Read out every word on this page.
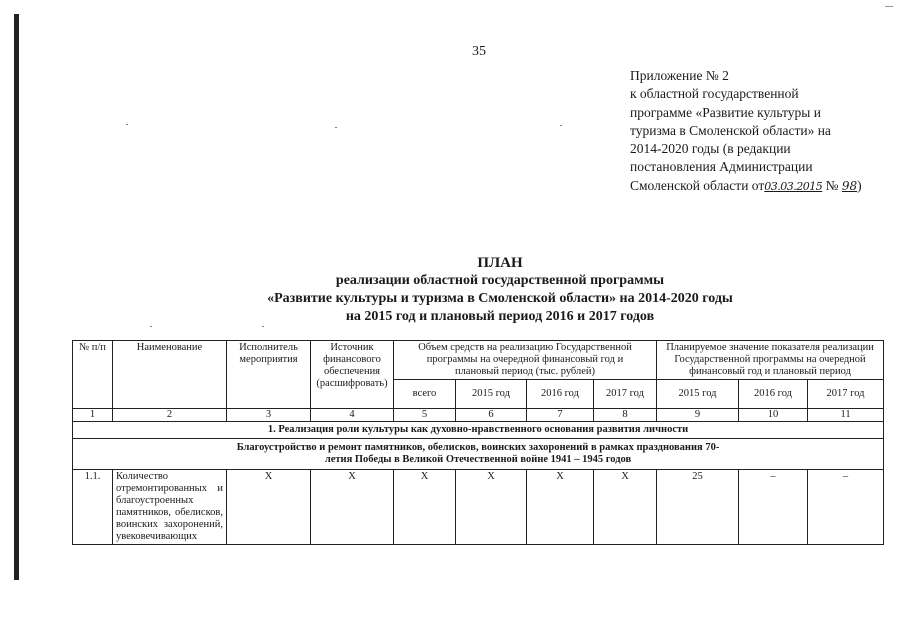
35
Приложение № 2
к областной государственной
программе «Развитие культуры и
туризма в Смоленской области» на
2014-2020 годы (в редакции
постановления Администрации
Смоленской области от03.03.2015 № 98)
ПЛАН
реализации областной государственной программы
«Развитие культуры и туризма в Смоленской области» на 2014-2020 годы
на 2015 год и плановый период 2016 и 2017 годов
№ п/п	Наименование	Исполнитель мероприятия	Источник финансового обеспечения (расшифровать)	Объем средств на реализацию Государственной программы на очередной финансовый год и плановый период (тыс. рублей)				Планируемое значение показателя реализации Государственной программы на очередной финансовый год и плановый период		
				всего	2015 год	2016 год	2017 год	2015 год	2016 год	2017 год
1	2	3	4	5	6	7	8	9	10	11
1. Реализация роли культуры как духовно-нравственного основания развития личности										
Благоустройство и ремонт памятников, обелисков, воинских захоронений в рамках празднования 70-летия Победы в Великой Отечественной войне 1941 – 1945 годов										
1.1.	Количество отремонтированных и благоустроенных памятников, обелисков, воинских захоронений, увековечивающих	Х	Х	Х	Х	Х	Х	25	–	–
